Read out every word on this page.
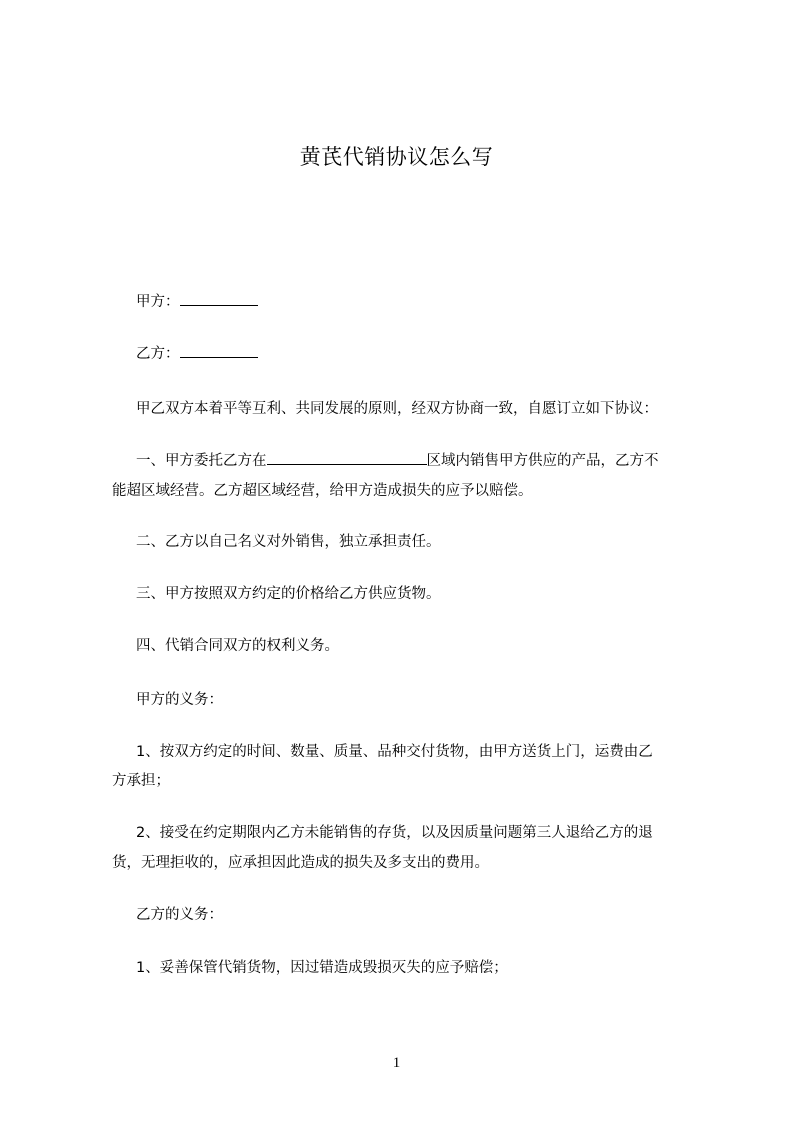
黄芪代销协议怎么写

甲方：

乙方：

甲乙双方本着平等互利、共同发展的原则，经双方协商一致，自愿订立如下协议：

一、甲方委托乙方在	区域内销售甲方供应的产品，乙方不

能超区域经营。乙方超区域经营，给甲方造成损失的应予以赔偿。

二、乙方以自己名义对外销售，独立承担责任。

三、甲方按照双方约定的价格给乙方供应货物。

四、代销合同双方的权利义务。

甲方的义务：

1、按双方约定的时间、数量、质量、品种交付货物，由甲方送货上门，运费由乙

方承担；

2、接受在约定期限内乙方未能销售的存货，以及因质量问题第三人退给乙方的退

货，无理拒收的，应承担因此造成的损失及多支出的费用。

乙方的义务：

1、妥善保管代销货物，因过错造成毁损灭失的应予赔偿；

1
